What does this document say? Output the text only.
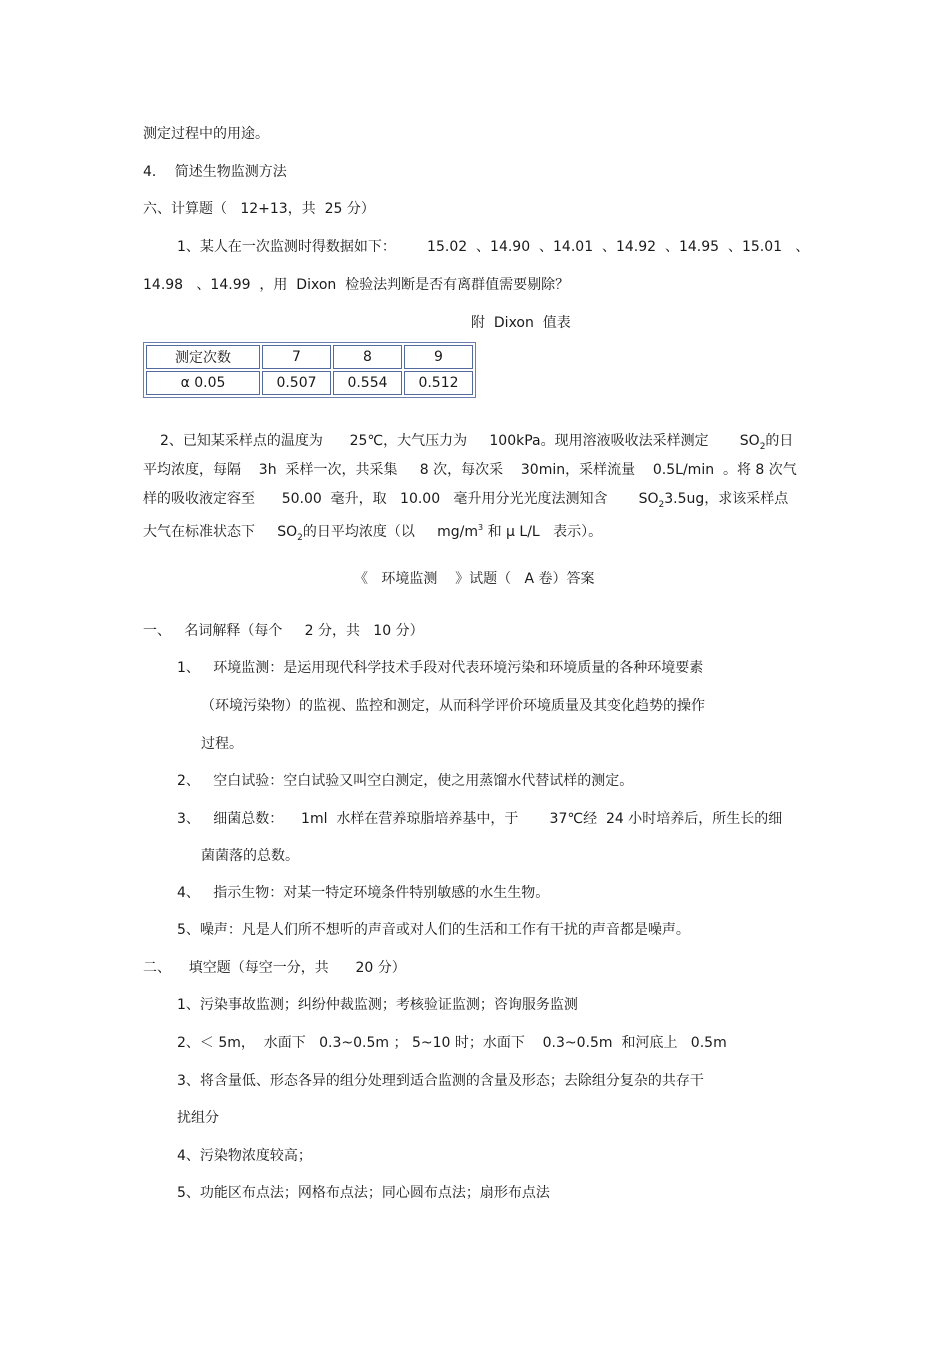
测定过程中的用途。
4．  简述生物监测方法
六、计算题（   12+13，共  25 分）
1、某人在一次监测时得数据如下：       15.02  、14.90  、14.01  、14.92  、14.95  、15.01   、
14.98   、14.99  ，用  Dixon  检验法判断是否有离群值需要剔除？
附  Dixon  值表
测定次数	7	8	9
α 0.05	0.507	0.554	0.512
2、已知某采样点的温度为      25℃，大气压力为     100kPa。现用溶液吸收法采样测定       $SO_2$的日
平均浓度，每隔    3h  采样一次，共采集     8 次，每次采    30min，采样流量    0.5L/min  。将 8 次气
样的吸收液定容至      50.00  毫升，取   10.00   毫升用分光光度法测知含       $SO_23.5ug$，求该采样点
大气在标准状态下     $SO_2$的日平均浓度（以     $mg/m^3$ 和 μ L/L   表示）。
《   环境监测    》试题（   A 卷）答案
一、   名词解释（每个     2 分，共   10 分）
1、   环境监测：是运用现代科学技术手段对代表环境污染和环境质量的各种环境要素
（环境污染物）的监视、监控和测定，从而科学评价环境质量及其变化趋势的操作
过程。
2、   空白试验：空白试验又叫空白测定，使之用蒸馏水代替试样的测定。
3、   细菌总数：    1ml  水样在营养琼脂培养基中，于       37℃经  24 小时培养后，所生长的细
菌菌落的总数。
4、   指示生物：对某一特定环境条件特别敏感的水生生物。
5、噪声：凡是人们所不想听的声音或对人们的生活和工作有干扰的声音都是噪声。
二、    填空题（每空一分，共      20 分）
1、污染事故监测；纠纷仲裁监测；考核验证监测；咨询服务监测
2、＜ 5m，  水面下   0.3~0.5m ； 5~10 时；水面下    0.3~0.5m  和河底上   0.5m
3、将含量低、形态各异的组分处理到适合监测的含量及形态；去除组分复杂的共存干
扰组分
4、污染物浓度较高；
5、功能区布点法；网格布点法；同心圆布点法；扇形布点法
